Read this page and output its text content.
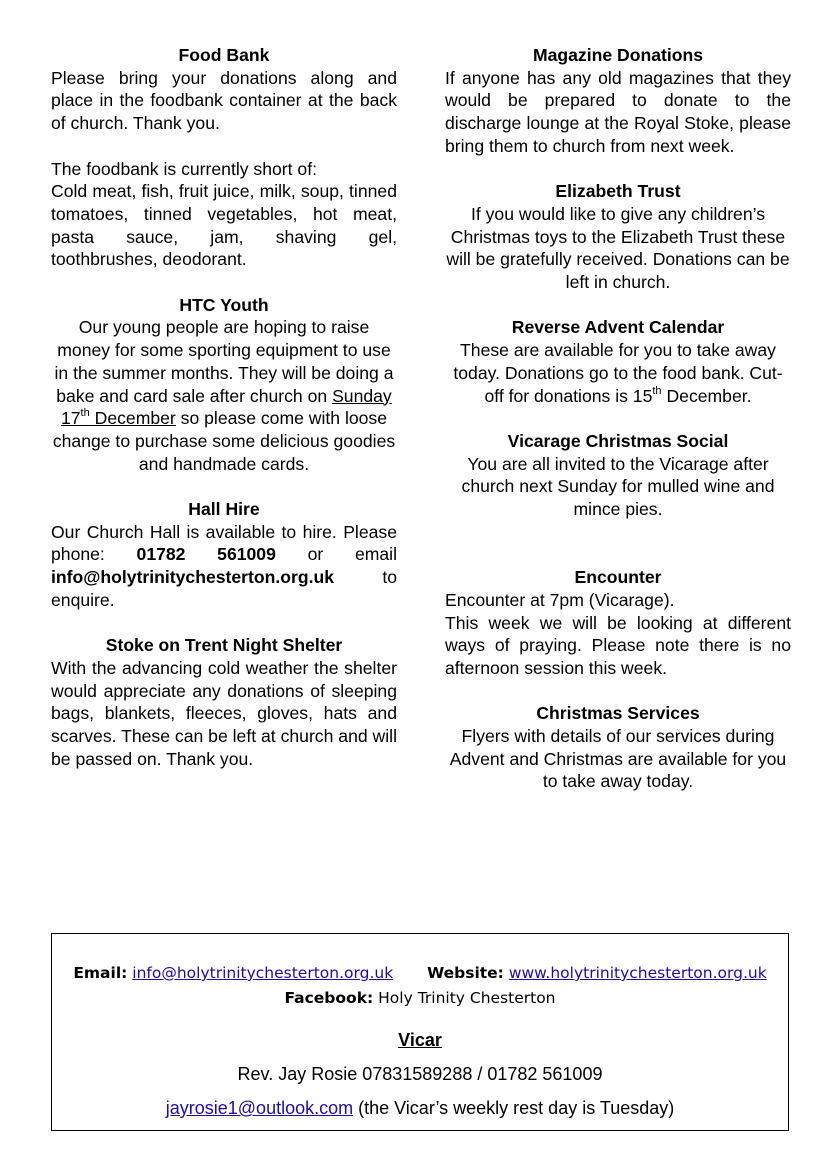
Food Bank

Please bring your donations along and place in the foodbank container at the back of church. Thank you.

The foodbank is currently short of:

Cold meat, fish, fruit juice, milk, soup, tinned tomatoes, tinned vegetables, hot meat, pasta sauce, jam, shaving gel, toothbrushes, deodorant.

HTC Youth

Our young people are hoping to raise money for some sporting equipment to use in the summer months. They will be doing a bake and card sale after church on Sunday 17th December so please come with loose change to purchase some delicious goodies and handmade cards.

Hall Hire

Our Church Hall is available to hire. Please phone: 01782 561009 or email info@holytrinitychesterton.org.uk to enquire.

Stoke on Trent Night Shelter

With the advancing cold weather the shelter would appreciate any donations of sleeping bags, blankets, fleeces, gloves, hats and scarves. These can be left at church and will be passed on. Thank you.

Magazine Donations

If anyone has any old magazines that they would be prepared to donate to the discharge lounge at the Royal Stoke, please bring them to church from next week.

Elizabeth Trust

If you would like to give any children’s Christmas toys to the Elizabeth Trust these will be gratefully received. Donations can be left in church.

Reverse Advent Calendar

These are available for you to take away today. Donations go to the food bank. Cut-off for donations is 15th December.

Vicarage Christmas Social

You are all invited to the Vicarage after church next Sunday for mulled wine and mince pies.

Encounter

Encounter at 7pm (Vicarage).

This week we will be looking at different ways of praying. Please note there is no afternoon session this week.

Christmas Services

Flyers with details of our services during Advent and Christmas are available for you to take away today.

Email: info@holytrinitychesterton.org.uk Website: www.holytrinitychesterton.org.uk
Facebook: Holy Trinity Chesterton
Vicar
Rev. Jay Rosie 07831589288 / 01782 561009
jayrosie1@outlook.com (the Vicar’s weekly rest day is Tuesday)
